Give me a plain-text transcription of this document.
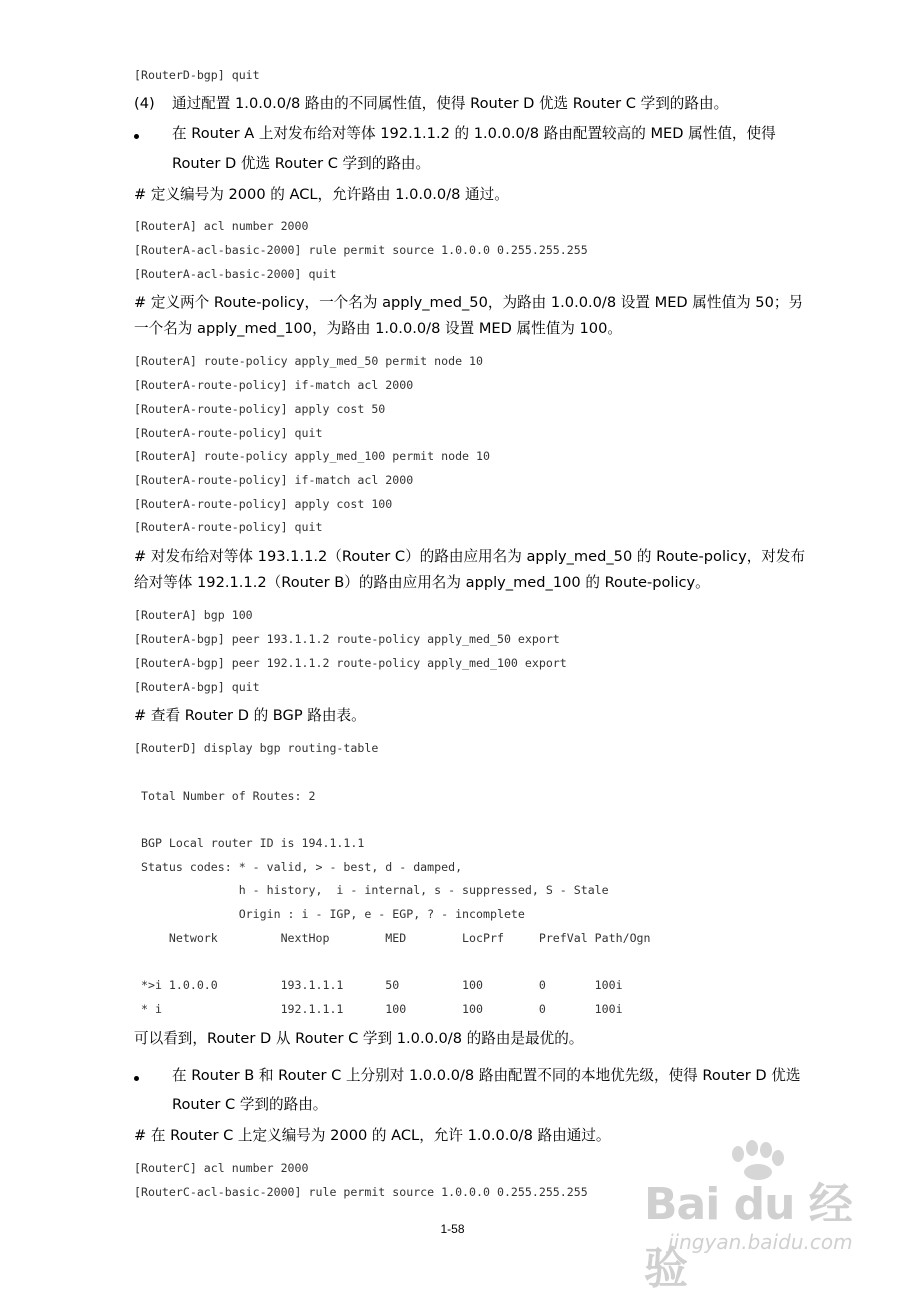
[RouterD-bgp] quit
(4) 通过配置 1.0.0.0/8 路由的不同属性值，使得 Router D 优选 Router C 学到的路由。
在 Router A 上对发布给对等体 192.1.1.2 的 1.0.0.0/8 路由配置较高的 MED 属性值，使得
Router D 优选 Router C 学到的路由。
# 定义编号为 2000 的 ACL，允许路由 1.0.0.0/8 通过。
[RouterA] acl number 2000
[RouterA-acl-basic-2000] rule permit source 1.0.0.0 0.255.255.255
[RouterA-acl-basic-2000] quit
# 定义两个 Route-policy，一个名为 apply_med_50，为路由 1.0.0.0/8 设置 MED 属性值为 50；另
一个名为 apply_med_100，为路由 1.0.0.0/8 设置 MED 属性值为 100。
[RouterA] route-policy apply_med_50 permit node 10
[RouterA-route-policy] if-match acl 2000
[RouterA-route-policy] apply cost 50
[RouterA-route-policy] quit
[RouterA] route-policy apply_med_100 permit node 10
[RouterA-route-policy] if-match acl 2000
[RouterA-route-policy] apply cost 100
[RouterA-route-policy] quit
# 对发布给对等体 193.1.1.2（Router C）的路由应用名为 apply_med_50 的 Route-policy，对发布
给对等体 192.1.1.2（Router B）的路由应用名为 apply_med_100 的 Route-policy。
[RouterA] bgp 100
[RouterA-bgp] peer 193.1.1.2 route-policy apply_med_50 export
[RouterA-bgp] peer 192.1.1.2 route-policy apply_med_100 export
[RouterA-bgp] quit
# 查看 Router D 的 BGP 路由表。
[RouterD] display bgp routing-table
Total Number of Routes: 2
BGP Local router ID is 194.1.1.1
Status codes: * - valid, > - best, d - damped,
h - history,  i - internal, s - suppressed, S - Stale
Origin : i - IGP, e - EGP, ? - incomplete
Network         NextHop        MED        LocPrf     PrefVal Path/Ogn
*>i 1.0.0.0         193.1.1.1      50         100        0       100i
* i                 192.1.1.1      100        100        0       100i
可以看到，Router D 从 Router C 学到 1.0.0.0/8 的路由是最优的。
在 Router B 和 Router C 上分别对 1.0.0.0/8 路由配置不同的本地优先级，使得 Router D 优选
Router C 学到的路由。
# 在 Router C 上定义编号为 2000 的 ACL，允许 1.0.0.0/8 路由通过。
[RouterC] acl number 2000
[RouterC-acl-basic-2000] rule permit source 1.0.0.0 0.255.255.255
1-58	Bai du 经验
jingyan.baidu.com
